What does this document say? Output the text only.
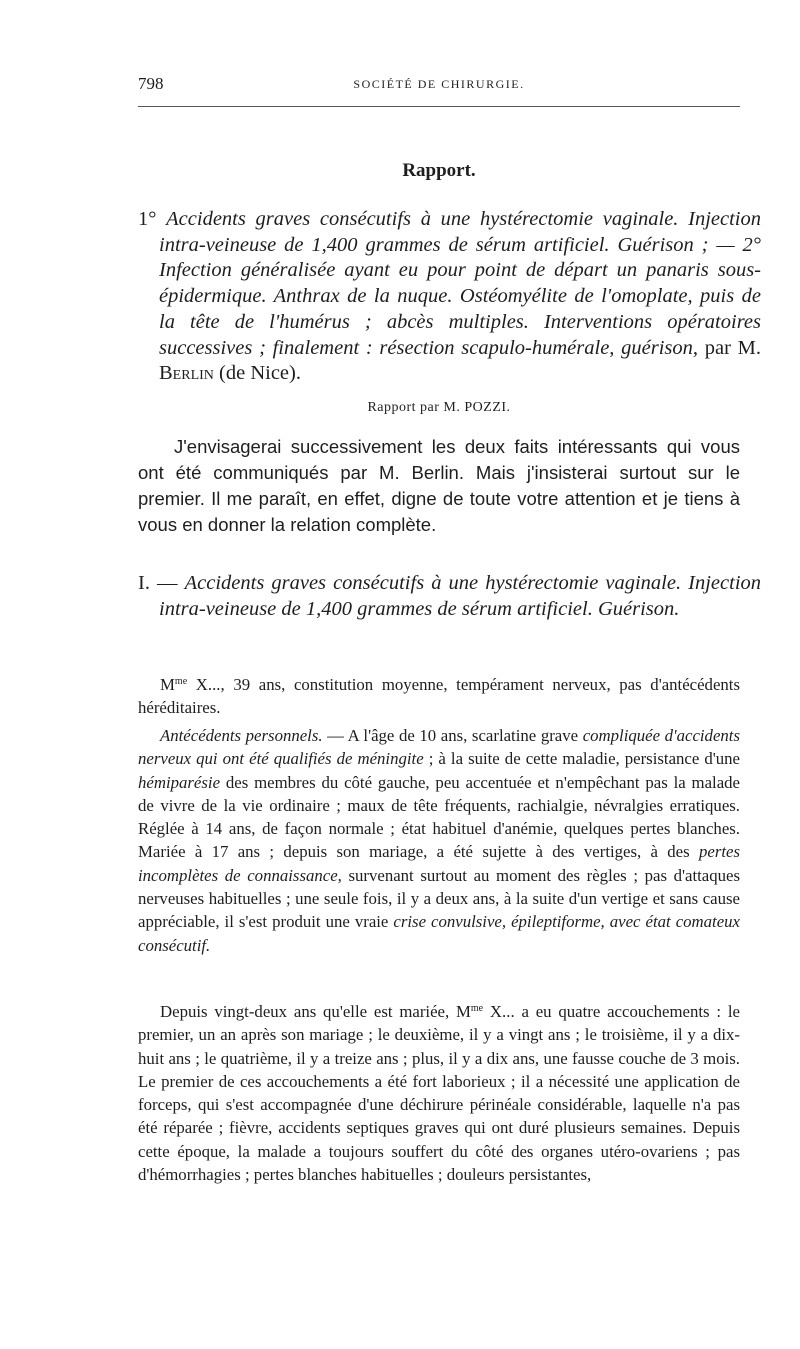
798	SOCIÉTÉ DE CHIRURGIE.
Rapport.

1° Accidents graves consécutifs à une hystérectomie vaginale. Injection intra-veineuse de 1,400 grammes de sérum artificiel. Guérison ; — 2° Infection généralisée ayant eu pour point de départ un panaris sous-épidermique. Anthrax de la nuque. Ostéomyélite de l'omoplate, puis de la tête de l'humérus ; abcès multiples. Interventions opératoires successives ; finalement : résection scapulo-humérale, guérison, par M. Berlin (de Nice).

Rapport par M. POZZI.

J'envisagerai successivement les deux faits intéressants qui vous ont été communiqués par M. Berlin. Mais j'insisterai surtout sur le premier. Il me paraît, en effet, digne de toute votre attention et je tiens à vous en donner la relation complète.

I. — Accidents graves consécutifs à une hystérectomie vaginale. Injection intra-veineuse de 1,400 grammes de sérum artificiel. Guérison.

$M^{me}$ X..., 39 ans, constitution moyenne, tempérament nerveux, pas d'antécédents héréditaires.

Antécédents personnels. — A l'âge de 10 ans, scarlatine grave compliquée d'accidents nerveux qui ont été qualifiés de méningite ; à la suite de cette maladie, persistance d'une hémiparésie des membres du côté gauche, peu accentuée et n'empêchant pas la malade de vivre de la vie ordinaire ; maux de tête fréquents, rachialgie, névralgies erratiques. Réglée à 14 ans, de façon normale ; état habituel d'anémie, quelques pertes blanches. Mariée à 17 ans ; depuis son mariage, a été sujette à des vertiges, à des pertes incomplètes de connaissance, survenant surtout au moment des règles ; pas d'attaques nerveuses habituelles ; une seule fois, il y a deux ans, à la suite d'un vertige et sans cause appréciable, il s'est produit une vraie crise convulsive, épileptiforme, avec état comateux consécutif.

Depuis vingt-deux ans qu'elle est mariée, $M^{me}$ X... a eu quatre accouchements : le premier, un an après son mariage ; le deuxième, il y a vingt ans ; le troisième, il y a dix-huit ans ; le quatrième, il y a treize ans ; plus, il y a dix ans, une fausse couche de 3 mois. Le premier de ces accouchements a été fort laborieux ; il a nécessité une application de forceps, qui s'est accompagnée d'une déchirure périnéale considérable, laquelle n'a pas été réparée ; fièvre, accidents septiques graves qui ont duré plusieurs semaines. Depuis cette époque, la malade a toujours souffert du côté des organes utéro-ovariens ; pas d'hémorrhagies ; pertes blanches habituelles ; douleurs persistantes,
